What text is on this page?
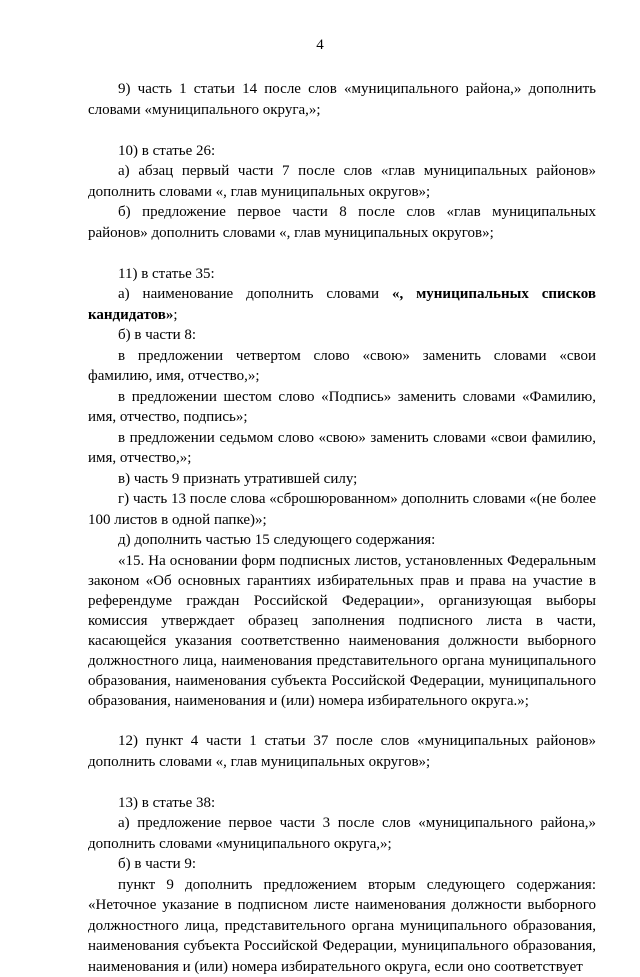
4

9) часть 1 статьи 14 после слов «муниципального района,» дополнить словами «муниципального округа,»;

10) в статье 26:

а) абзац первый части 7 после слов «глав муниципальных районов» дополнить словами «, глав муниципальных округов»;

б) предложение первое части 8 после слов «глав муниципальных районов» дополнить словами «, глав муниципальных округов»;

11) в статье 35:

а) наименование дополнить словами «, муниципальных списков кандидатов»;

б) в части 8:

в предложении четвертом слово «свою» заменить словами «свои фамилию, имя, отчество,»;

в предложении шестом слово «Подпись» заменить словами «Фамилию, имя, отчество, подпись»;

в предложении седьмом слово «свою» заменить словами «свои фамилию, имя, отчество,»;

в) часть 9 признать утратившей силу;

г) часть 13 после слова «сброшюрованном» дополнить словами «(не более 100 листов в одной папке)»;

д) дополнить частью 15 следующего содержания:

«15. На основании форм подписных листов, установленных Федеральным законом «Об основных гарантиях избирательных прав и права на участие в референдуме граждан Российской Федерации», организующая выборы комиссия утверждает образец заполнения подписного листа в части, касающейся указания соответственно наименования должности выборного должностного лица, наименования представительного органа муниципального образования, наименования субъекта Российской Федерации, муниципального образования, наименования и (или) номера избирательного округа.»;

12) пункт 4 части 1 статьи 37 после слов «муниципальных районов» дополнить словами «, глав муниципальных округов»;

13) в статье 38:

а) предложение первое части 3 после слов «муниципального района,» дополнить словами «муниципального округа,»;

б) в части 9:

пункт 9 дополнить предложением вторым следующего содержания: «Неточное указание в подписном листе наименования должности выборного должностного лица, представительного органа муниципального образования, наименования субъекта Российской Федерации, муниципального образования, наименования и (или) номера избирательного округа, если оно соответствует
